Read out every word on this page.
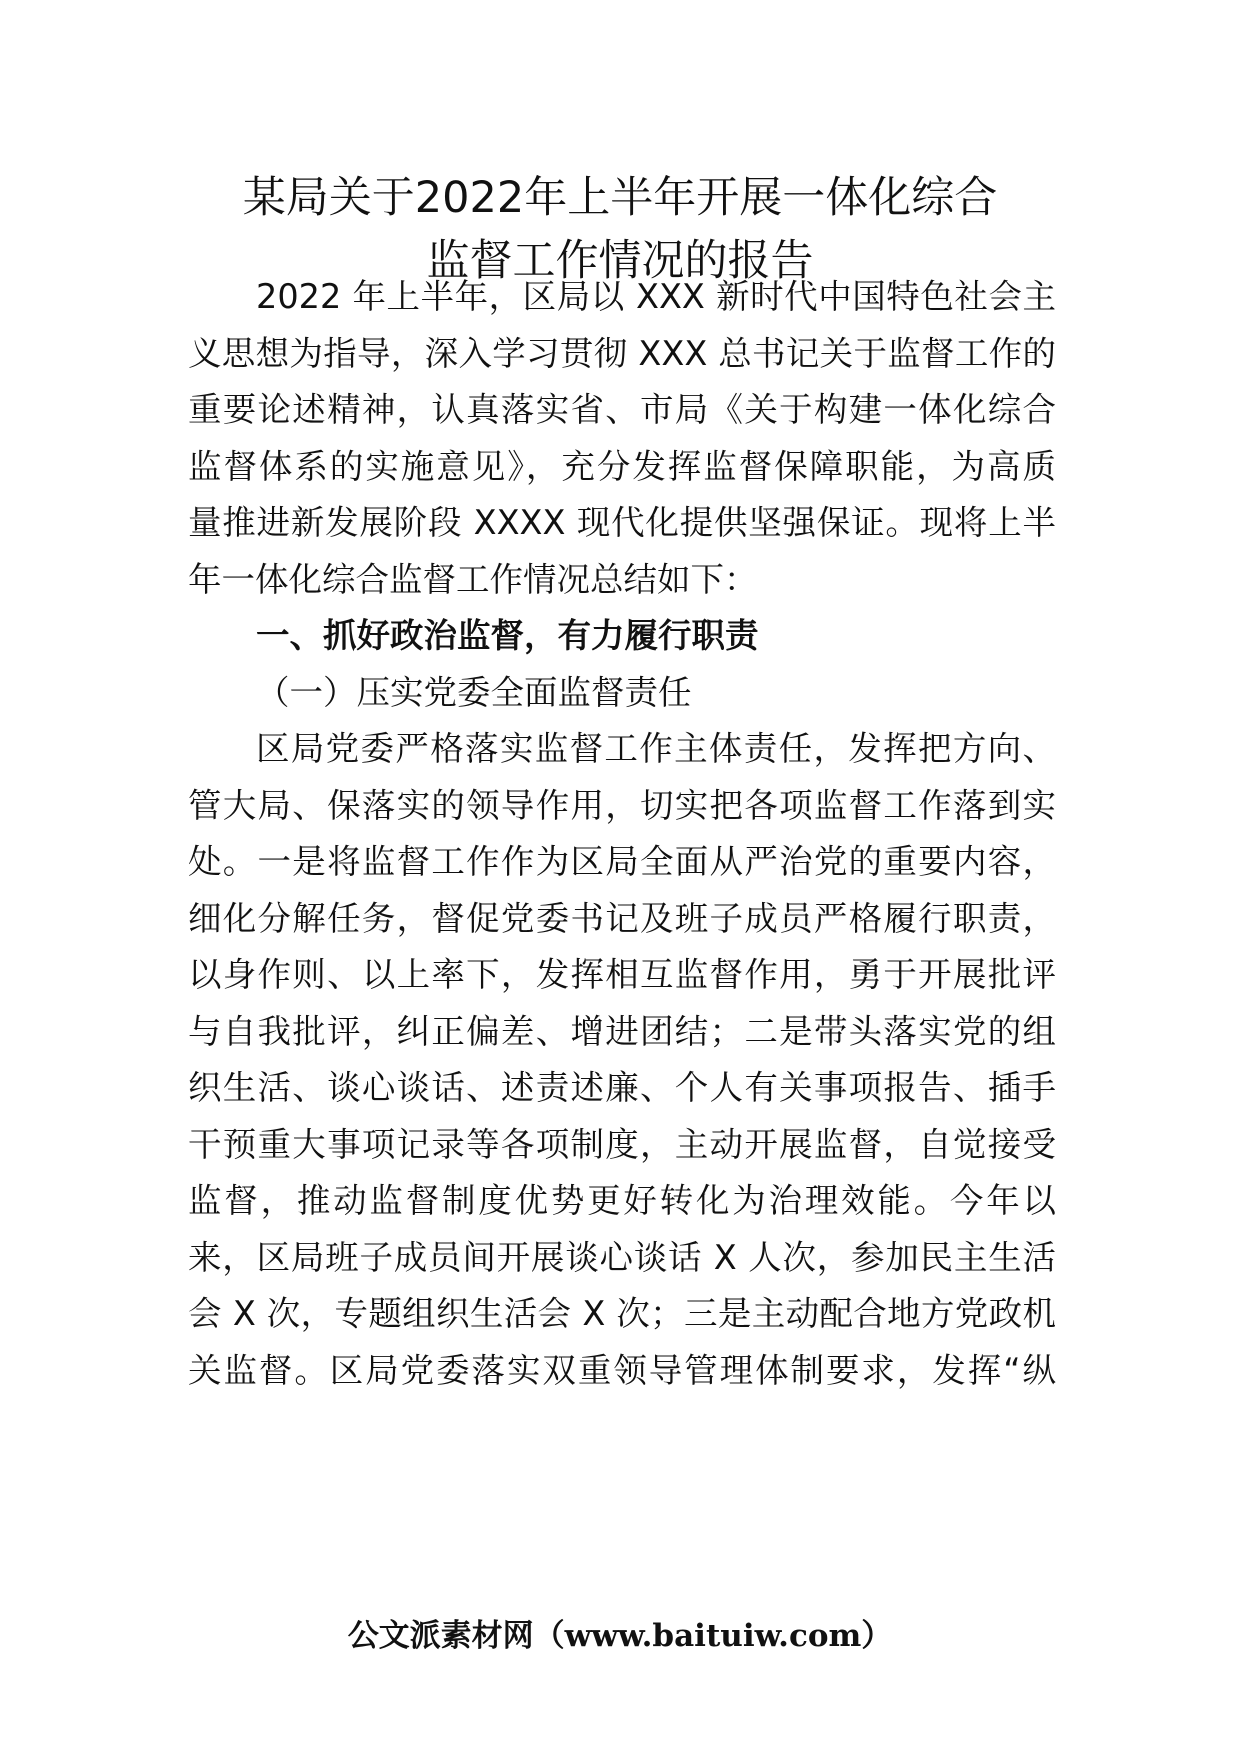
某局关于2022年上半年开展一体化综合
监督工作情况的报告
2022 年上半年，区局以 XXX 新时代中国特色社会主
义思想为指导，深入学习贯彻 XXX 总书记关于监督工作的
重要论述精神，认真落实省、市局《关于构建一体化综合
监督体系的实施意见》，充分发挥监督保障职能，为高质
量推进新发展阶段 XXXX 现代化提供坚强保证。现将上半
年一体化综合监督工作情况总结如下：
一、抓好政治监督，有力履行职责
（一）压实党委全面监督责任
区局党委严格落实监督工作主体责任，发挥把方向、
管大局、保落实的领导作用，切实把各项监督工作落到实
处。一是将监督工作作为区局全面从严治党的重要内容，
细化分解任务，督促党委书记及班子成员严格履行职责，
以身作则、以上率下，发挥相互监督作用，勇于开展批评
与自我批评，纠正偏差、增进团结；二是带头落实党的组
织生活、谈心谈话、述责述廉、个人有关事项报告、插手
干预重大事项记录等各项制度，主动开展监督，自觉接受
监督，推动监督制度优势更好转化为治理效能。今年以
来，区局班子成员间开展谈心谈话 X 人次，参加民主生活
会 X 次，专题组织生活会 X 次；三是主动配合地方党政机
关监督。区局党委落实双重领导管理体制要求，发挥“纵
公文派素材网（www.baituiw.com）
